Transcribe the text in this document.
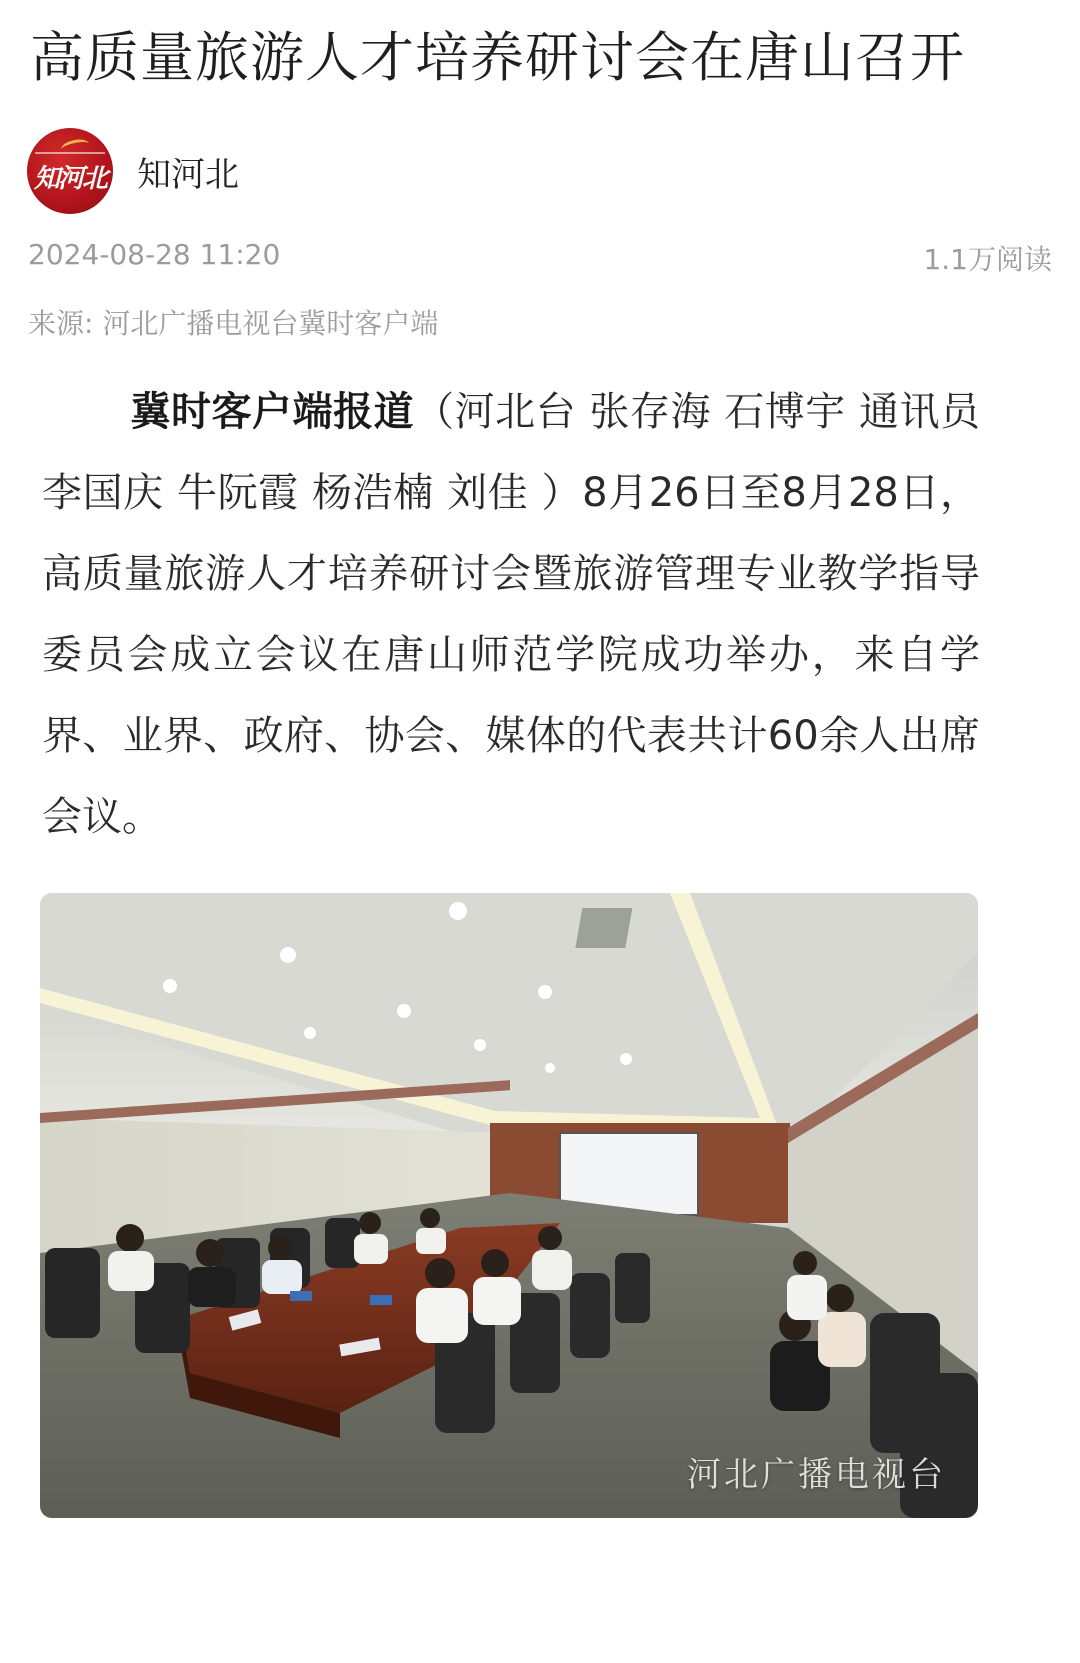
高质量旅游人才培养研讨会在唐山召开
知河北 知河北
2024-08-28 11:20	1.1万阅读
来源: 河北广播电视台冀时客户端
冀时客户端报道（河北台 张存海 石博宇 通讯员 李国庆 牛阮霞 杨浩楠 刘佳 ）8月26日至8月28日，高质量旅游人才培养研讨会暨旅游管理专业教学指导委员会成立会议在唐山师范学院成功举办，来自学界、业界、政府、协会、媒体的代表共计60余人出席会议。
河北广播电视台
